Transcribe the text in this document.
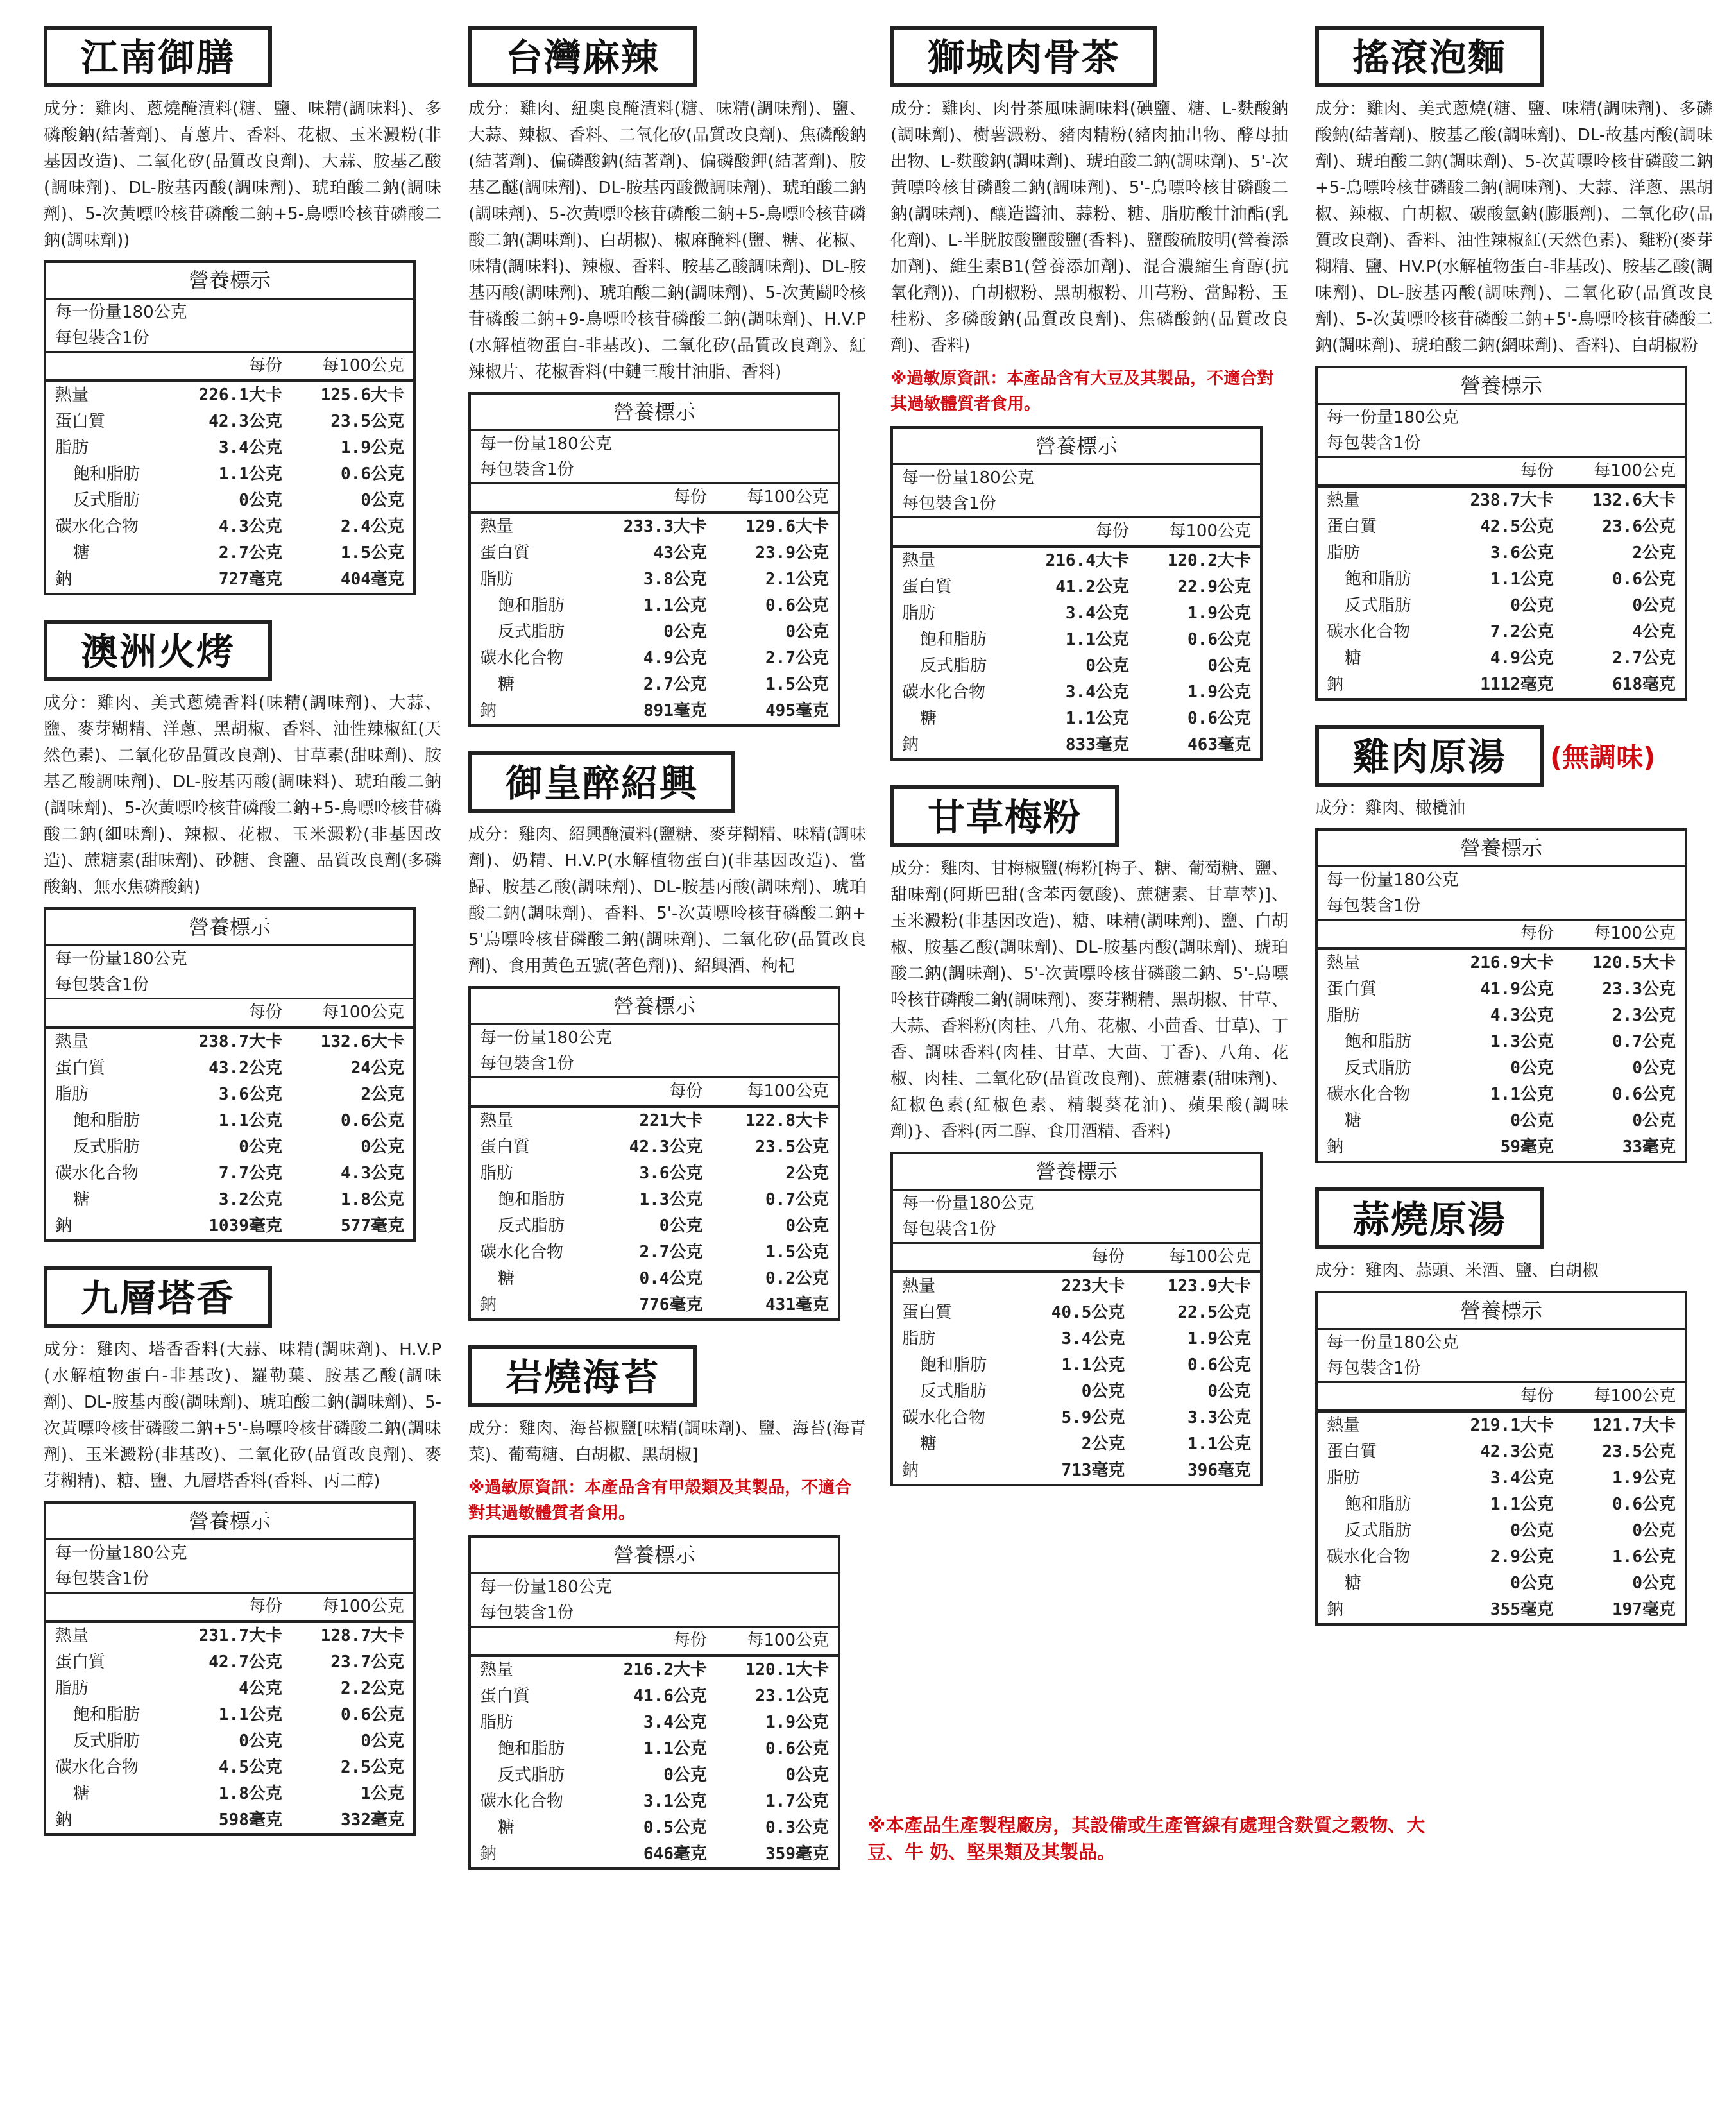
江南御膳

成分：雞肉、蔥燒醃漬料(糖、鹽、味精(調味料)、多磷酸鈉(結著劑)、青蔥片、香料、花椒、玉米澱粉(非基因改造)、二氧化矽(品質改良劑)、大蒜、胺基乙酸(調味劑)、DL-胺基丙酸(調味劑)、琥珀酸二鈉(調味劑)、5-次黃嘌呤核苷磷酸二鈉+5-鳥嘌呤核苷磷酸二鈉(調味劑))

營養標示		
每一份量180公克		
每包裝含1份		
	每份	每100公克
熱量	226.1大卡	125.6大卡
蛋白質	42.3公克	23.5公克
脂肪	3.4公克	1.9公克
飽和脂肪	1.1公克	0.6公克
反式脂肪	0公克	0公克
碳水化合物	4.3公克	2.4公克
糖	2.7公克	1.5公克
鈉	727毫克	404毫克
澳洲火烤

成分：雞肉、美式蔥燒香料(味精(調味劑)、大蒜、鹽、麥芽糊精、洋蔥、黑胡椒、香料、油性辣椒紅(天然色素)、二氧化矽品質改良劑)、甘草素(甜味劑)、胺基乙酸調味劑)、DL-胺基丙酸(調味料)、琥珀酸二鈉(調味劑)、5-次黃嘌呤核苷磷酸二鈉+5-鳥嘌呤核苷磷酸二鈉(細味劑)、辣椒、花椒、玉米澱粉(非基因改造)、蔗糖素(甜味劑)、砂糖、食鹽、品質改良劑(多磷酸鈉、無水焦磷酸鈉)

營養標示		
每一份量180公克		
每包裝含1份		
	每份	每100公克
熱量	238.7大卡	132.6大卡
蛋白質	43.2公克	24公克
脂肪	3.6公克	2公克
飽和脂肪	1.1公克	0.6公克
反式脂肪	0公克	0公克
碳水化合物	7.7公克	4.3公克
糖	3.2公克	1.8公克
鈉	1039毫克	577毫克
九層塔香

成分：雞肉、塔香香料(大蒜、味精(調味劑)、H.V.P(水解植物蛋白-非基改)、羅勒葉、胺基乙酸(調味劑)、DL-胺基丙酸(調味劑)、琥珀酸二鈉(調味劑)、5-次黃嘌呤核苷磷酸二鈉+5'-鳥嘌呤核苷磷酸二鈉(調味劑)、玉米澱粉(非基改)、二氧化矽(品質改良劑)、麥芽糊精)、糖、鹽、九層塔香料(香料、丙二醇)

營養標示		
每一份量180公克		
每包裝含1份		
	每份	每100公克
熱量	231.7大卡	128.7大卡
蛋白質	42.7公克	23.7公克
脂肪	4公克	2.2公克
飽和脂肪	1.1公克	0.6公克
反式脂肪	0公克	0公克
碳水化合物	4.5公克	2.5公克
糖	1.8公克	1公克
鈉	598毫克	332毫克
台灣麻辣

成分：雞肉、紐奧良醃漬料(糖、味精(調味劑)、鹽、大蒜、辣椒、香料、二氧化矽(品質改良劑)、焦磷酸鈉(結著劑)、偏磷酸鈉(結著劑)、偏磷酸鉀(結著劑)、胺基乙醚(調味劑)、DL-胺基丙酸微調味劑)、琥珀酸二鈉(調味劑)、5-次黃嘌呤核苷磷酸二鈉+5-鳥嘌呤核苷磷酸二鈉(調味劑)、白胡椒)、椒麻醃料(鹽、糖、花椒、味精(調味料)、辣椒、香料、胺基乙酸調味劑)、DL-胺基丙酸(調味劑)、琥珀酸二鈉(調味劑)、5-次黃鬬呤核苷磷酸二鈉+9-鳥嘌呤核苷磷酸二鈉(調味劑)、H.V.P(水解植物蛋白-非基改)、二氧化矽(品質改良劑》、紅辣椒片、花椒香料(中鏈三酸甘油脂、香料)

營養標示		
每一份量180公克		
每包裝含1份		
	每份	每100公克
熱量	233.3大卡	129.6大卡
蛋白質	43公克	23.9公克
脂肪	3.8公克	2.1公克
飽和脂肪	1.1公克	0.6公克
反式脂肪	0公克	0公克
碳水化合物	4.9公克	2.7公克
糖	2.7公克	1.5公克
鈉	891毫克	495毫克
御皇醉紹興

成分：雞肉、紹興醃漬料(鹽糖、麥芽糊精、味精(調味劑)、奶精、H.V.P(水解植物蛋白)(非基因改造)、當歸、胺基乙酸(調味劑)、DL-胺基丙酸(調味劑)、琥珀酸二鈉(調味劑)、香料、5'-次黃嘌呤核苷磷酸二鈉+5'鳥嘌呤核苷磷酸二鈉(調味劑)、二氧化矽(品質改良劑)、食用黃色五號(著色劑))、紹興酒、枸杞

營養標示		
每一份量180公克		
每包裝含1份		
	每份	每100公克
熱量	221大卡	122.8大卡
蛋白質	42.3公克	23.5公克
脂肪	3.6公克	2公克
飽和脂肪	1.3公克	0.7公克
反式脂肪	0公克	0公克
碳水化合物	2.7公克	1.5公克
糖	0.4公克	0.2公克
鈉	776毫克	431毫克
岩燒海苔

成分：雞肉、海苔椒鹽[味精(調味劑)、鹽、海苔(海青菜)、葡萄糖、白胡椒、黑胡椒]

※過敏原資訊：本產品含有甲殼類及其製品，不適合對其過敏體質者食用。

營養標示		
每一份量180公克		
每包裝含1份		
	每份	每100公克
熱量	216.2大卡	120.1大卡
蛋白質	41.6公克	23.1公克
脂肪	3.4公克	1.9公克
飽和脂肪	1.1公克	0.6公克
反式脂肪	0公克	0公克
碳水化合物	3.1公克	1.7公克
糖	0.5公克	0.3公克
鈉	646毫克	359毫克
獅城肉骨茶

成分：雞肉、肉骨茶風味調味料(碘鹽、糖、L-麩酸鈉(調味劑)、樹薯澱粉、豬肉精粉(豬肉抽出物、酵母抽出物、L-麩酸鈉(調味劑)、琥珀酸二鈉(調味劑)、5'-次黃嘌呤核甘磷酸二鈉(調味劑)、5'-鳥嘌呤核甘磷酸二鈉(調味劑)、釀造醬油、蒜粉、糖、脂肪酸甘油酯(乳化劑)、L-半胱胺酸鹽酸鹽(香料)、鹽酸硫胺明(營養添加劑)、維生素B1(營養添加劑)、混合濃縮生育醇(抗氧化劑))、白胡椒粉、黑胡椒粉、川芎粉、當歸粉、玉桂粉、多磷酸鈉(品質改良劑)、焦磷酸鈉(品質改良劑)、香料)

※過敏原資訊：本產品含有大豆及其製品，不適合對其過敏體質者食用。

營養標示		
每一份量180公克		
每包裝含1份		
	每份	每100公克
熱量	216.4大卡	120.2大卡
蛋白質	41.2公克	22.9公克
脂肪	3.4公克	1.9公克
飽和脂肪	1.1公克	0.6公克
反式脂肪	0公克	0公克
碳水化合物	3.4公克	1.9公克
糖	1.1公克	0.6公克
鈉	833毫克	463毫克
甘草梅粉

成分：雞肉、甘梅椒鹽(梅粉[梅子、糖、葡萄糖、鹽、甜味劑(阿斯巴甜(含苯丙氨酸)、蔗糖素、甘草萃)]、玉米澱粉(非基因改造)、糖、味精(調味劑)、鹽、白胡椒、胺基乙酸(調味劑)、DL-胺基丙酸(調味劑)、琥珀酸二鈉(調味劑)、5'-次黃嘌呤核苷磷酸二鈉、5'-鳥嘌呤核苷磷酸二鈉(調味劑)、麥芽糊精、黑胡椒、甘草、大蒜、香料粉(肉桂、八角、花椒、小茴香、甘草)、丁香、調味香料(肉桂、甘草、大茴、丁香)、八角、花椒、肉桂、二氧化矽(品質改良劑)、蔗糖素(甜味劑)、紅椒色素(紅椒色素、精製葵花油)、蘋果酸(調味劑)}、香料(丙二醇、食用酒精、香料)

營養標示		
每一份量180公克		
每包裝含1份		
	每份	每100公克
熱量	223大卡	123.9大卡
蛋白質	40.5公克	22.5公克
脂肪	3.4公克	1.9公克
飽和脂肪	1.1公克	0.6公克
反式脂肪	0公克	0公克
碳水化合物	5.9公克	3.3公克
糖	2公克	1.1公克
鈉	713毫克	396毫克
搖滾泡麵

成分：雞肉、美式蔥燒(糖、鹽、味精(調味劑)、多磷酸鈉(結著劑)、胺基乙酸(調味劑)、DL-故基丙酸(調味劑)、琥珀酸二鈉(調味劑)、5-次黃嘌呤核苷磷酸二鈉+5-鳥嘌呤核苷磷酸二鈉(調味劑)、大蒜、洋蔥、黑胡椒、辣椒、白胡椒、碳酸氫鈉(膨脹劑)、二氧化矽(品質改良劑)、香料、油性辣椒紅(天然色素)、雞粉(麥芽糊精、鹽、HV.P(水解植物蛋白-非基改)、胺基乙酸(調味劑)、DL-胺基丙酸(調味劑)、二氧化矽(品質改良劑)、5-次黃嘌呤核苷磷酸二鈉+5'-鳥嘌呤核苷磷酸二鈉(調味劑)、琥珀酸二鈉(網味劑)、香料)、白胡椒粉

營養標示		
每一份量180公克		
每包裝含1份		
	每份	每100公克
熱量	238.7大卡	132.6大卡
蛋白質	42.5公克	23.6公克
脂肪	3.6公克	2公克
飽和脂肪	1.1公克	0.6公克
反式脂肪	0公克	0公克
碳水化合物	7.2公克	4公克
糖	4.9公克	2.7公克
鈉	1112毫克	618毫克
雞肉原湯	(無調味)

成分：雞肉、橄欖油

營養標示		
每一份量180公克		
每包裝含1份		
	每份	每100公克
熱量	216.9大卡	120.5大卡
蛋白質	41.9公克	23.3公克
脂肪	4.3公克	2.3公克
飽和脂肪	1.3公克	0.7公克
反式脂肪	0公克	0公克
碳水化合物	1.1公克	0.6公克
糖	0公克	0公克
鈉	59毫克	33毫克
蒜燒原湯

成分：雞肉、蒜頭、米酒、鹽、白胡椒

營養標示		
每一份量180公克		
每包裝含1份		
	每份	每100公克
熱量	219.1大卡	121.7大卡
蛋白質	42.3公克	23.5公克
脂肪	3.4公克	1.9公克
飽和脂肪	1.1公克	0.6公克
反式脂肪	0公克	0公克
碳水化合物	2.9公克	1.6公克
糖	0公克	0公克
鈉	355毫克	197毫克

※本產品生產製程廠房，其設備或生產管線有處理含麩質之穀物、大豆、牛 奶、堅果類及其製品。
